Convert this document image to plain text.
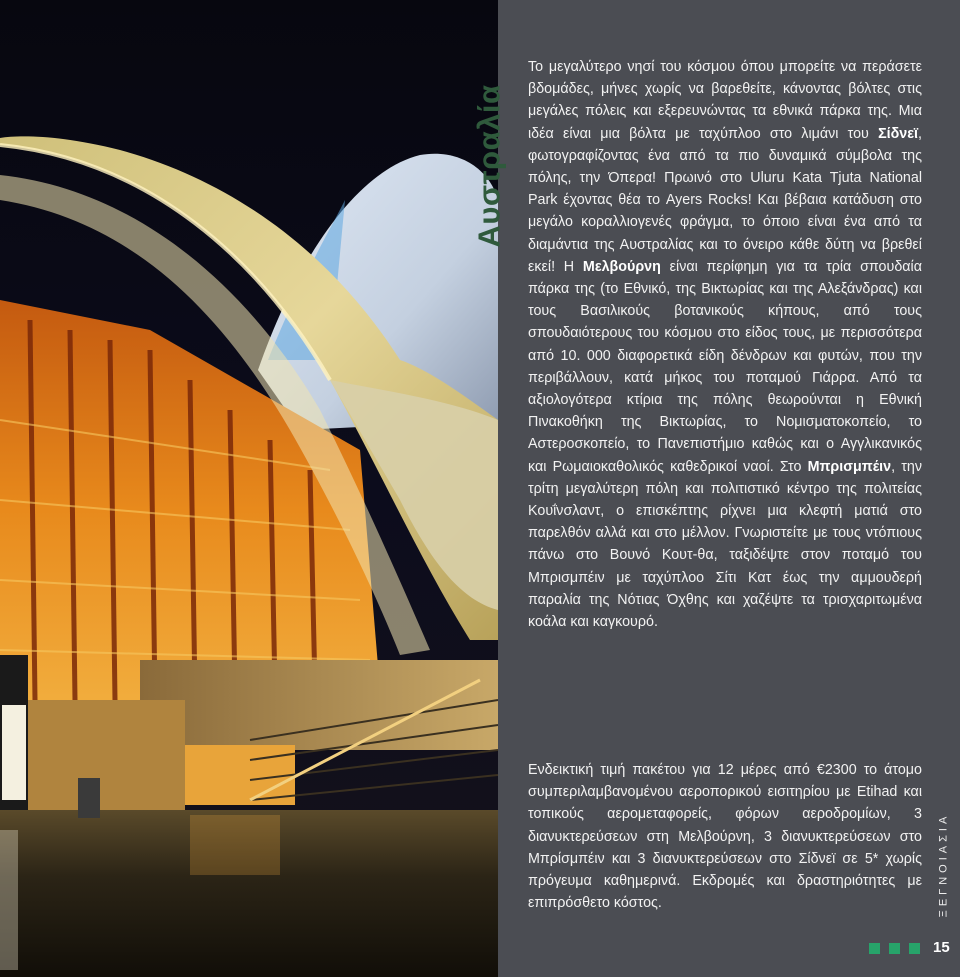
Αυστραλία

Το μεγαλύτερο νησί του κόσμου όπου μπορείτε να περάσετε βδομάδες, μήνες χωρίς να βαρεθείτε, κάνοντας βόλτες στις μεγάλες πόλεις και εξερευνώντας τα εθνικά πάρκα της. Μια ιδέα είναι μια βόλτα με ταχύπλοο στο λιμάνι του Σίδνεϊ, φωτογραφίζοντας ένα από τα πιο δυναμικά σύμβολα της πόλης, την Όπερα! Πρωινό στο Uluru Kata Tjuta National Park έχοντας θέα το Ayers Rocks! Και βέβαια κατάδυση στο μεγάλο κοραλλιογενές φράγμα, το όποιο είναι ένα από τα διαμάντια της Αυστραλίας και το όνειρο κάθε δύτη να βρεθεί εκεί! Η Μελβούρνη είναι περίφημη για τα τρία σπουδαία πάρκα της (το Εθνικό, της Βικτωρίας και της Αλεξάνδρας) και τους Βασιλικούς βοτανικούς κήπους, από τους σπουδαιότερους του κόσμου στο είδος τους, με περισσότερα από 10. 000 διαφορετικά είδη δένδρων και φυτών, που την περιβάλλουν, κατά μήκος του ποταμού Γιάρρα. Από τα αξιολογότερα κτίρια της πόλης θεωρούνται η Εθνική Πινακοθήκη της Βικτωρίας, το Νομισματοκοπείο, το Αστεροσκοπείο, το Πανεπιστήμιο καθώς και ο Αγγλικανικός και Ρωμαιοκαθολικός καθεδρικοί ναοί. Στο Μπρισμπέιν, την τρίτη μεγαλύτερη πόλη και πολιτιστικό κέντρο της πολιτείας Κουΐνσλαντ, ο επισκέπτης ρίχνει μια κλεφτή ματιά στο παρελθόν αλλά και στο μέλλον. Γνωριστείτε με τους ντόπιους πάνω στο Βουνό Κουτ-θα, ταξιδέψτε στον ποταμό του Μπρισμπέιν με ταχύπλοο Σίτι Κατ έως την αμμουδερή παραλία της Νότιας Όχθης και χαζέψτε τα τρισχαριτωμένα κοάλα και καγκουρό.

Ενδεικτική τιμή πακέτου για 12 μέρες από €2300 το άτομο συμπεριλαμβανομένου αεροπορικού εισιτηρίου με Etihad και τοπικούς αερομεταφορείς, φόρων αεροδρομίων, 3 διανυκτερεύσεων στη Μελβούρνη, 3 διανυκτερεύσεων στο Μπρίσμπέιν και 3 διανυκτερεύσεων στο Σίδνεϊ σε 5* χωρίς πρόγευμα καθημερινά. Εκδρομές και δραστηριότητες με επιπρόσθετο κόστος.	ΞΕΓΝΟΙΑΣΙΑ
15
